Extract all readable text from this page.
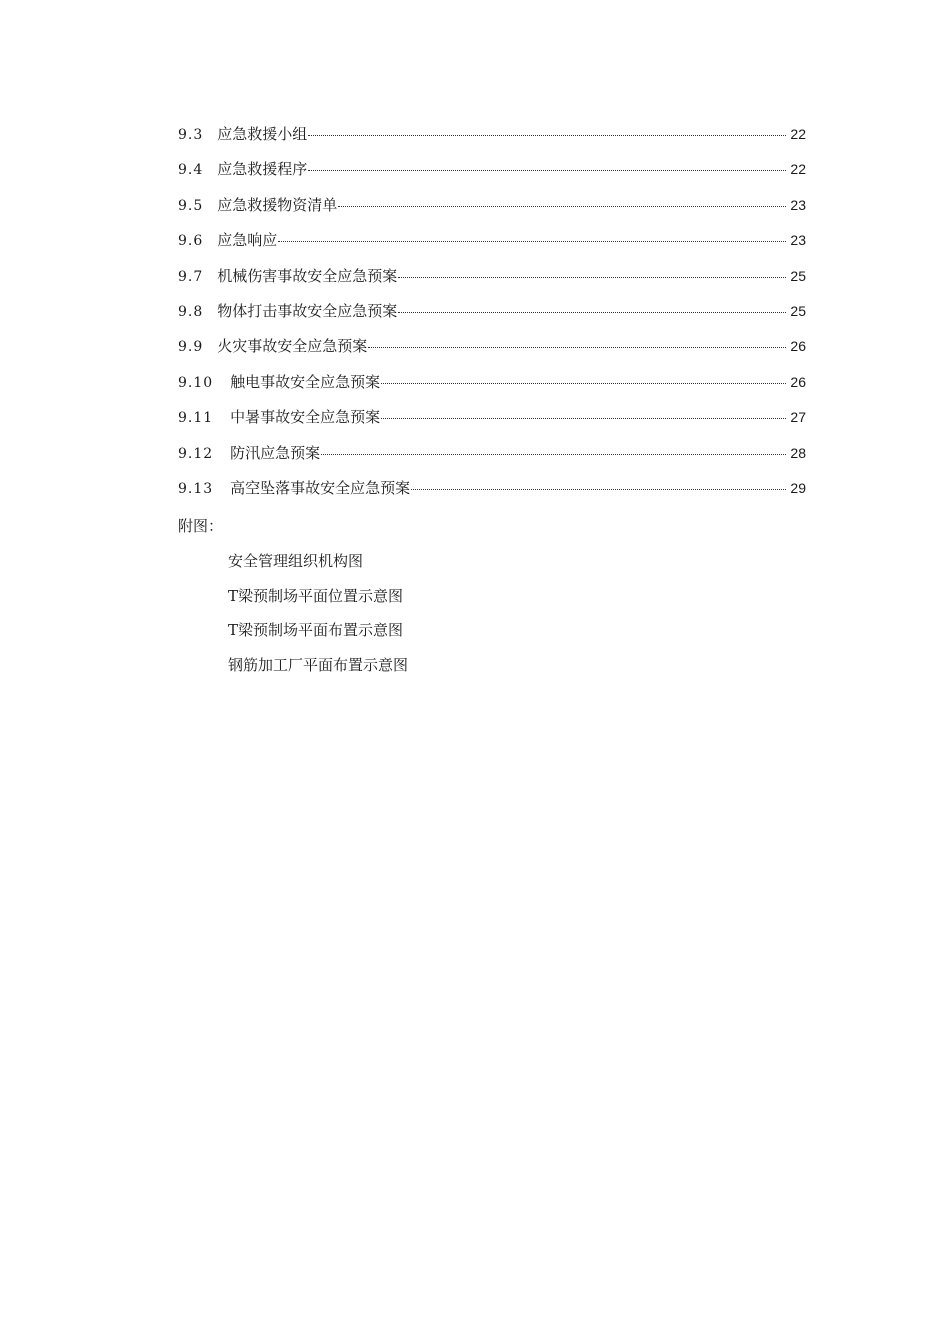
9.3 应急救援小组	22
9.4 应急救援程序	22
9.5 应急救援物资清单	23
9.6 应急响应	23
9.7 机械伤害事故安全应急预案	25
9.8 物体打击事故安全应急预案	25
9.9 火灾事故安全应急预案	26
9.10 触电事故安全应急预案	26
9.11 中暑事故安全应急预案	27
9.12 防汛应急预案	28
9.13 高空坠落事故安全应急预案	29
附图：
安全管理组织机构图
T梁预制场平面位置示意图
T梁预制场平面布置示意图
钢筋加工厂平面布置示意图
